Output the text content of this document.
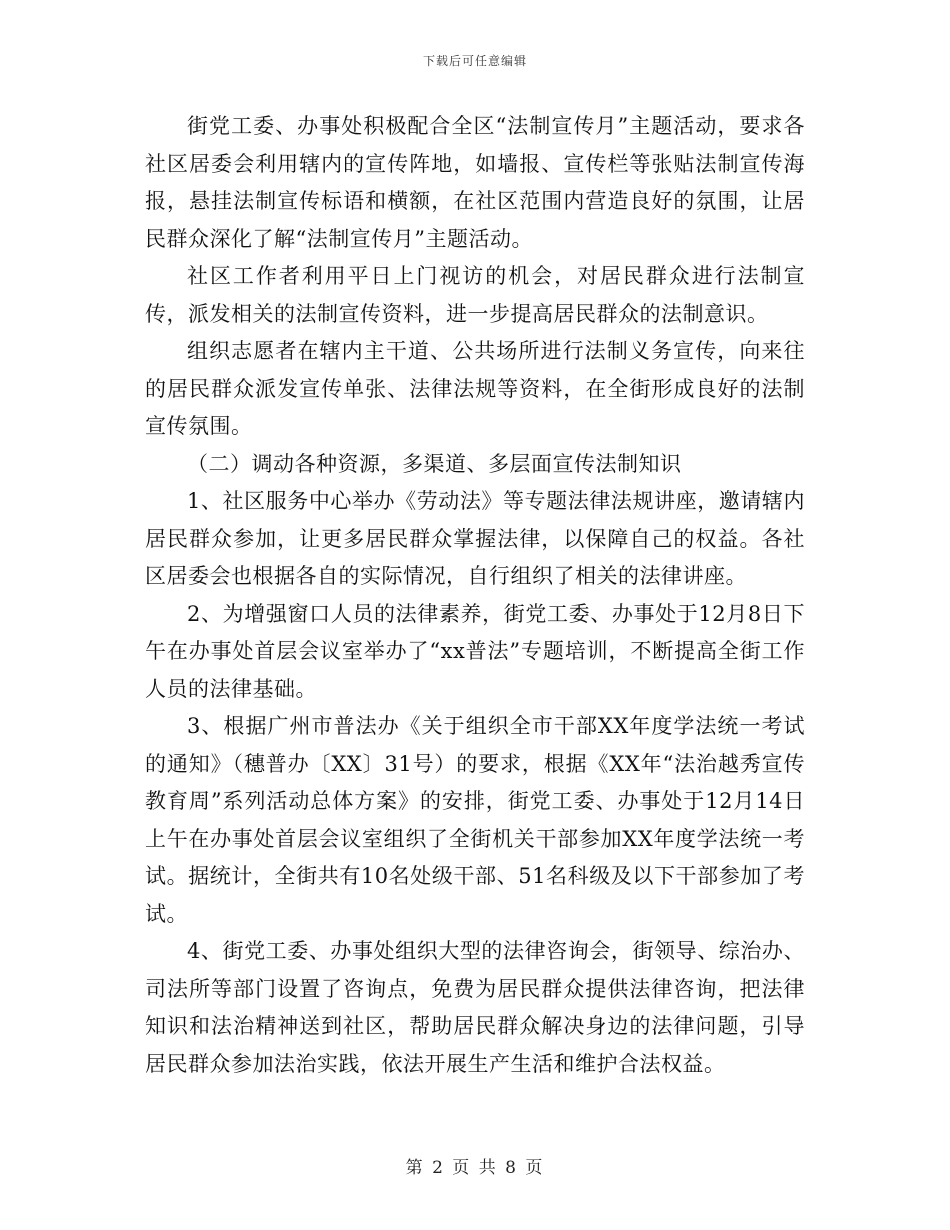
下载后可任意编辑

街党工委、办事处积极配合全区“法制宣传月”主题活动，要求各社区居委会利用辖内的宣传阵地，如墙报、宣传栏等张贴法制宣传海报，悬挂法制宣传标语和横额，在社区范围内营造良好的氛围，让居民群众深化了解“法制宣传月”主题活动。

社区工作者利用平日上门视访的机会，对居民群众进行法制宣传，派发相关的法制宣传资料，进一步提高居民群众的法制意识。

组织志愿者在辖内主干道、公共场所进行法制义务宣传，向来往的居民群众派发宣传单张、法律法规等资料，在全街形成良好的法制宣传氛围。

（二）调动各种资源，多渠道、多层面宣传法制知识

1、社区服务中心举办《劳动法》等专题法律法规讲座，邀请辖内居民群众参加，让更多居民群众掌握法律，以保障自己的权益。各社区居委会也根据各自的实际情况，自行组织了相关的法律讲座。

2、为增强窗口人员的法律素养，街党工委、办事处于12月8日下午在办事处首层会议室举办了“xx普法”专题培训，不断提高全街工作人员的法律基础。

3、根据广州市普法办《关于组织全市干部XX年度学法统一考试的通知》（穗普办〔XX〕31号）的要求，根据《XX年“法治越秀宣传教育周”系列活动总体方案》的安排，街党工委、办事处于12月14日上午在办事处首层会议室组织了全街机关干部参加XX年度学法统一考试。据统计，全街共有10名处级干部、51名科级及以下干部参加了考试。

4、街党工委、办事处组织大型的法律咨询会，街领导、综治办、司法所等部门设置了咨询点，免费为居民群众提供法律咨询，把法律知识和法治精神送到社区，帮助居民群众解决身边的法律问题，引导居民群众参加法治实践，依法开展生产生活和维护合法权益。

第 2 页 共 8 页
